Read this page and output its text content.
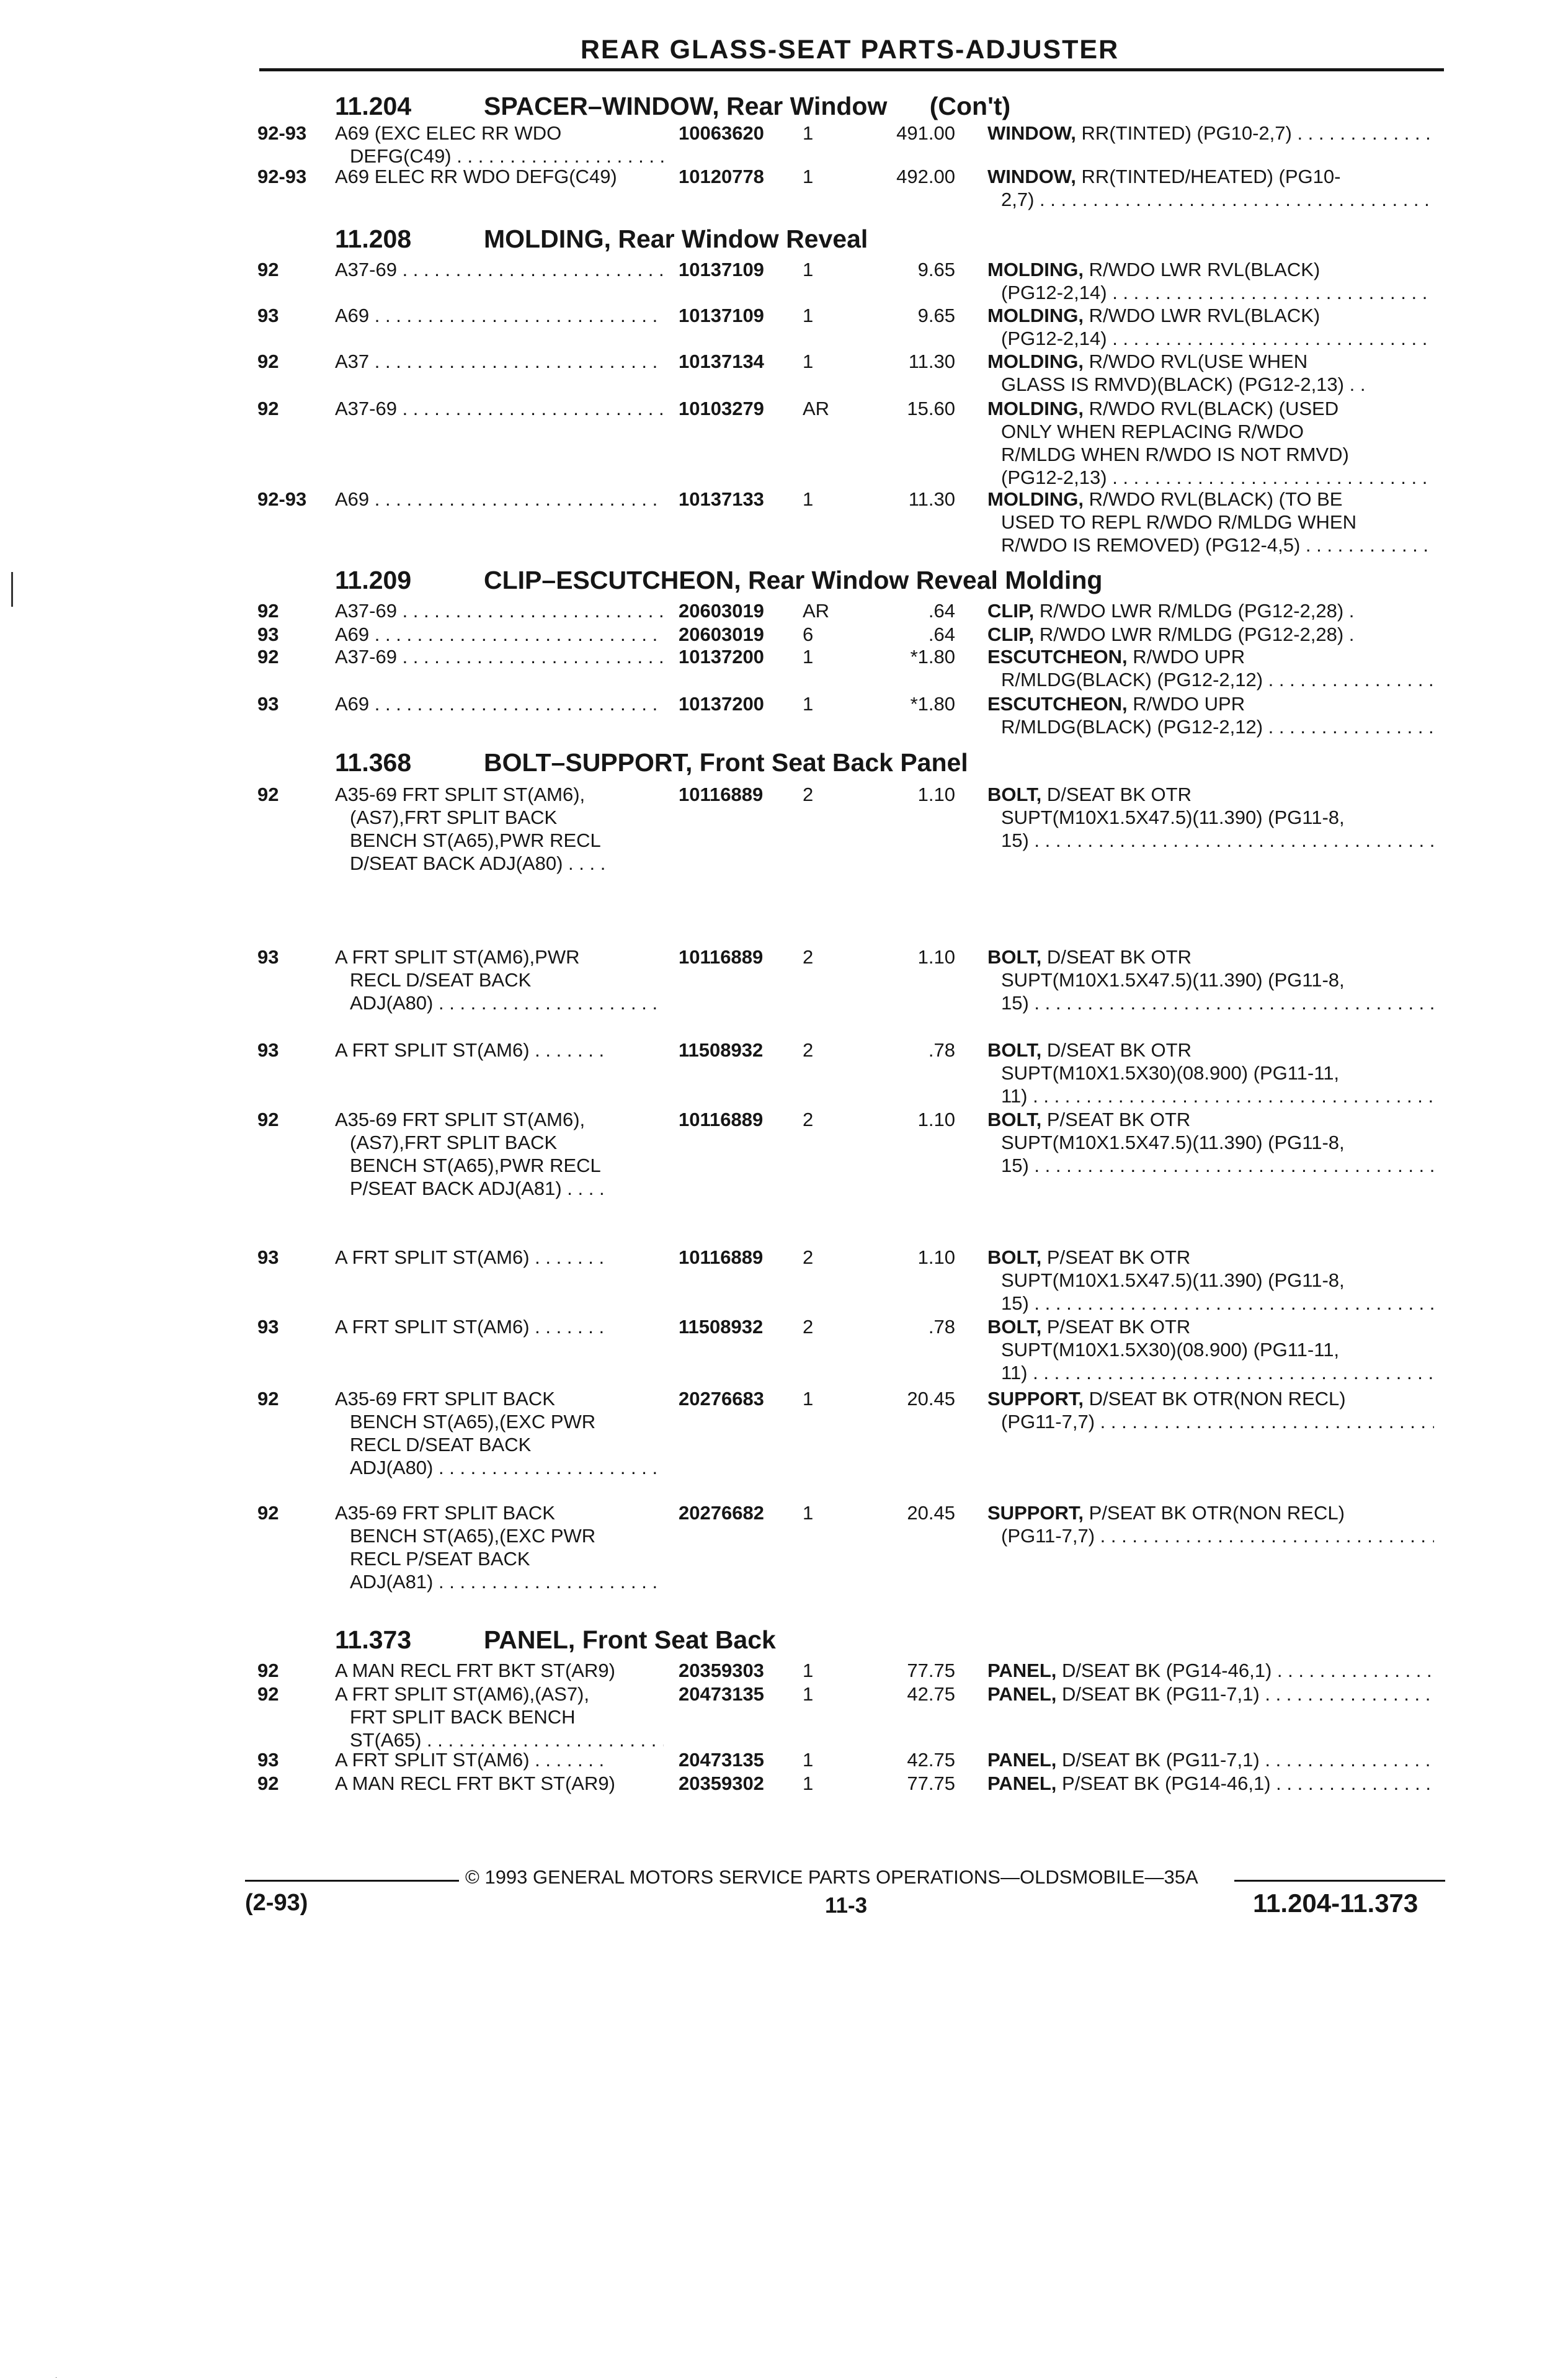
REAR GLASS-SEAT PARTS-ADJUSTER
11.204	SPACER–WINDOW, Rear Window (Con't)
92-93 A69 (EXC ELEC RR WDO
DEFG(C49) . . .
10063620 1	491.00 WINDOW, RR(TINTED) (PG10-2,7) . . .
92-93 A69 ELEC RR WDO DEFG(C49)	10120778 1	492.00 WINDOW, RR(TINTED/HEATED) (PG10-
2,7) . . .
11.208	MOLDING, Rear Window Reveal
92	A37-69 . . .	10137109 1	9.65 MOLDING, R/WDO LWR RVL(BLACK)
(PG12-2,14) . . .
93	A69 . . .	10137109 1	9.65 MOLDING, R/WDO LWR RVL(BLACK)
(PG12-2,14) . . .
92	A37 . . .	10137134 1	11.30 MOLDING, R/WDO RVL(USE WHEN
GLASS IS RMVD)(BLACK) (PG12-2,13) . .
92	A37-69 . . .	10103279 AR	15.60 MOLDING, R/WDO RVL(BLACK) (USED
ONLY WHEN REPLACING R/WDO
R/MLDG WHEN R/WDO IS NOT RMVD)
(PG12-2,13) . . .
92-93 A69 . . .	10137133 1	11.30 MOLDING, R/WDO RVL(BLACK) (TO BE
USED TO REPL R/WDO R/MLDG WHEN
R/WDO IS REMOVED) (PG12-4,5) . . .
11.209	CLIP–ESCUTCHEON, Rear Window Reveal Molding
92	A37-69 . . .	20603019 AR	.64 CLIP, R/WDO LWR R/MLDG (PG12-2,28) .
93	A69 . . .	20603019 6	.64 CLIP, R/WDO LWR R/MLDG (PG12-2,28) .
92	A37-69 . . .	10137200 1	*1.80 ESCUTCHEON, R/WDO UPR
R/MLDG(BLACK) (PG12-2,12) . . .
93	A69 . . .	10137200 1	*1.80 ESCUTCHEON, R/WDO UPR
R/MLDG(BLACK) (PG12-2,12) . . .
11.368	BOLT–SUPPORT, Front Seat Back Panel
92	A35-69 FRT SPLIT ST(AM6),
(AS7),FRT SPLIT BACK
BENCH ST(A65),PWR RECL
D/SEAT BACK ADJ(A80) . . . .
10116889 2	1.10 BOLT, D/SEAT BK OTR
SUPT(M10X1.5X47.5)(11.390) (PG11-8,
15) . . .
93	A FRT SPLIT ST(AM6),PWR
RECL D/SEAT BACK
ADJ(A80) . . .
10116889 2	1.10 BOLT, D/SEAT BK OTR
SUPT(M10X1.5X47.5)(11.390) (PG11-8,
15) . . .
93	A FRT SPLIT ST(AM6) . . . . . . .	11508932 2	.78 BOLT, D/SEAT BK OTR
SUPT(M10X1.5X30)(08.900) (PG11-11,
11) . . .
92	A35-69 FRT SPLIT ST(AM6),
(AS7),FRT SPLIT BACK
BENCH ST(A65),PWR RECL
P/SEAT BACK ADJ(A81) . . . .
10116889 2	1.10 BOLT, P/SEAT BK OTR
SUPT(M10X1.5X47.5)(11.390) (PG11-8,
15) . . .
93	A FRT SPLIT ST(AM6) . . . . . . .	10116889 2	1.10 BOLT, P/SEAT BK OTR
SUPT(M10X1.5X47.5)(11.390) (PG11-8,
15) . . .
93	A FRT SPLIT ST(AM6) . . . . . . .	11508932 2	.78 BOLT, P/SEAT BK OTR
SUPT(M10X1.5X30)(08.900) (PG11-11,
11) . . .
92	A35-69 FRT SPLIT BACK
BENCH ST(A65),(EXC PWR
RECL D/SEAT BACK
ADJ(A80) . . .
20276683 1	20.45 SUPPORT, D/SEAT BK OTR(NON RECL)
(PG11-7,7) . . .
92	A35-69 FRT SPLIT BACK
BENCH ST(A65),(EXC PWR
RECL P/SEAT BACK
ADJ(A81) . . .
20276682 1	20.45 SUPPORT, P/SEAT BK OTR(NON RECL)
(PG11-7,7) . . .
11.373	PANEL, Front Seat Back
92	A MAN RECL FRT BKT ST(AR9)	20359303 1	77.75 PANEL, D/SEAT BK (PG14-46,1) . . .
92	A FRT SPLIT ST(AM6),(AS7),
FRT SPLIT BACK BENCH
ST(A65) . . .
20473135 1	42.75 PANEL, D/SEAT BK (PG11-7,1) . . .
93	A FRT SPLIT ST(AM6) . . . . . . .	20473135 1	42.75 PANEL, D/SEAT BK (PG11-7,1) . . .
92	A MAN RECL FRT BKT ST(AR9)	20359302 1	77.75 PANEL, P/SEAT BK (PG14-46,1) . . .
© 1993 GENERAL MOTORS SERVICE PARTS OPERATIONS—OLDSMOBILE—35A
(2-93)	11-3	11.204-11.373
